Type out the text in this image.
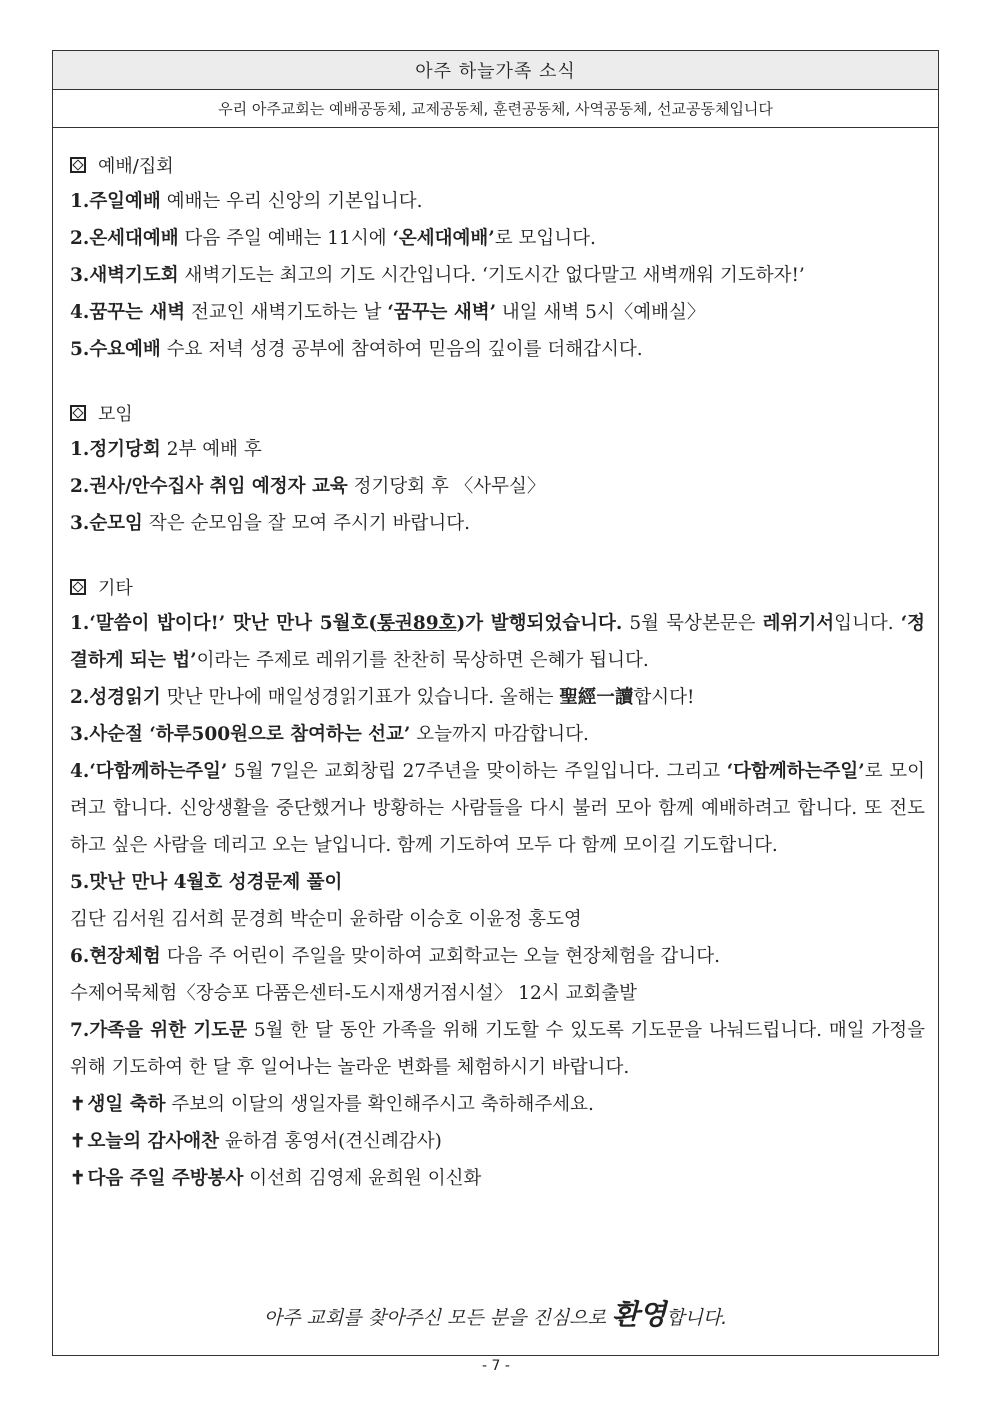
아주 하늘가족 소식
우리 아주교회는 예배공동체, 교제공동체, 훈련공동체, 사역공동체, 선교공동체입니다
예배/집회
1.주일예배 예배는 우리 신앙의 기본입니다.
2.온세대예배 다음 주일 예배는 11시에 ‘온세대예배’로 모입니다.
3.새벽기도회 새벽기도는 최고의 기도 시간입니다. ‘기도시간 없다말고 새벽깨워 기도하자!’
4.꿈꾸는 새벽 전교인 새벽기도하는 날 ‘꿈꾸는 새벽’ 내일 새벽 5시〈예배실〉
5.수요예배 수요 저녁 성경 공부에 참여하여 믿음의 깊이를 더해갑시다.
모임
1.정기당회 2부 예배 후
2.권사/안수집사 취임 예정자 교육 정기당회 후 〈사무실〉
3.순모임 작은 순모임을 잘 모여 주시기 바랍니다.
기타
1.‘말씀이 밥이다!’ 맛난 만나 5월호(통권89호)가 발행되었습니다. 5월 묵상본문은 레위기서입니다. ‘정결하게 되는 법’이라는 주제로 레위기를 찬찬히 묵상하면 은혜가 됩니다.
2.성경읽기 맛난 만나에 매일성경읽기표가 있습니다. 올해는 聖經一讀합시다!
3.사순절 ‘하루500원으로 참여하는 선교’ 오늘까지 마감합니다.
4.‘다함께하는주일’ 5월 7일은 교회창립 27주년을 맞이하는 주일입니다. 그리고 ‘다함께하는주일’로 모이려고 합니다. 신앙생활을 중단했거나 방황하는 사람들을 다시 불러 모아 함께 예배하려고 합니다. 또 전도하고 싶은 사람을 데리고 오는 날입니다. 함께 기도하여 모두 다 함께 모이길 기도합니다.
5.맛난 만나 4월호 성경문제 풀이
김단 김서원 김서희 문경희 박순미 윤하람 이승호 이윤정 홍도영
6.현장체험 다음 주 어린이 주일을 맞이하여 교회학교는 오늘 현장체험을 갑니다.
수제어묵체험〈장승포 다품은센터-도시재생거점시설〉 12시 교회출발
7.가족을 위한 기도문 5월 한 달 동안 가족을 위해 기도할 수 있도록 기도문을 나눠드립니다. 매일 가정을 위해 기도하여 한 달 후 일어나는 놀라운 변화를 체험하시기 바랍니다.
✝ 생일 축하 주보의 이달의 생일자를 확인해주시고 축하해주세요.
✝ 오늘의 감사애찬 윤하겸 홍영서(견신례감사)
✝ 다음 주일 주방봉사 이선희 김영제 윤희원 이신화
아주 교회를 찾아주신 모든 분을 진심으로 환영합니다.
- 7 -
